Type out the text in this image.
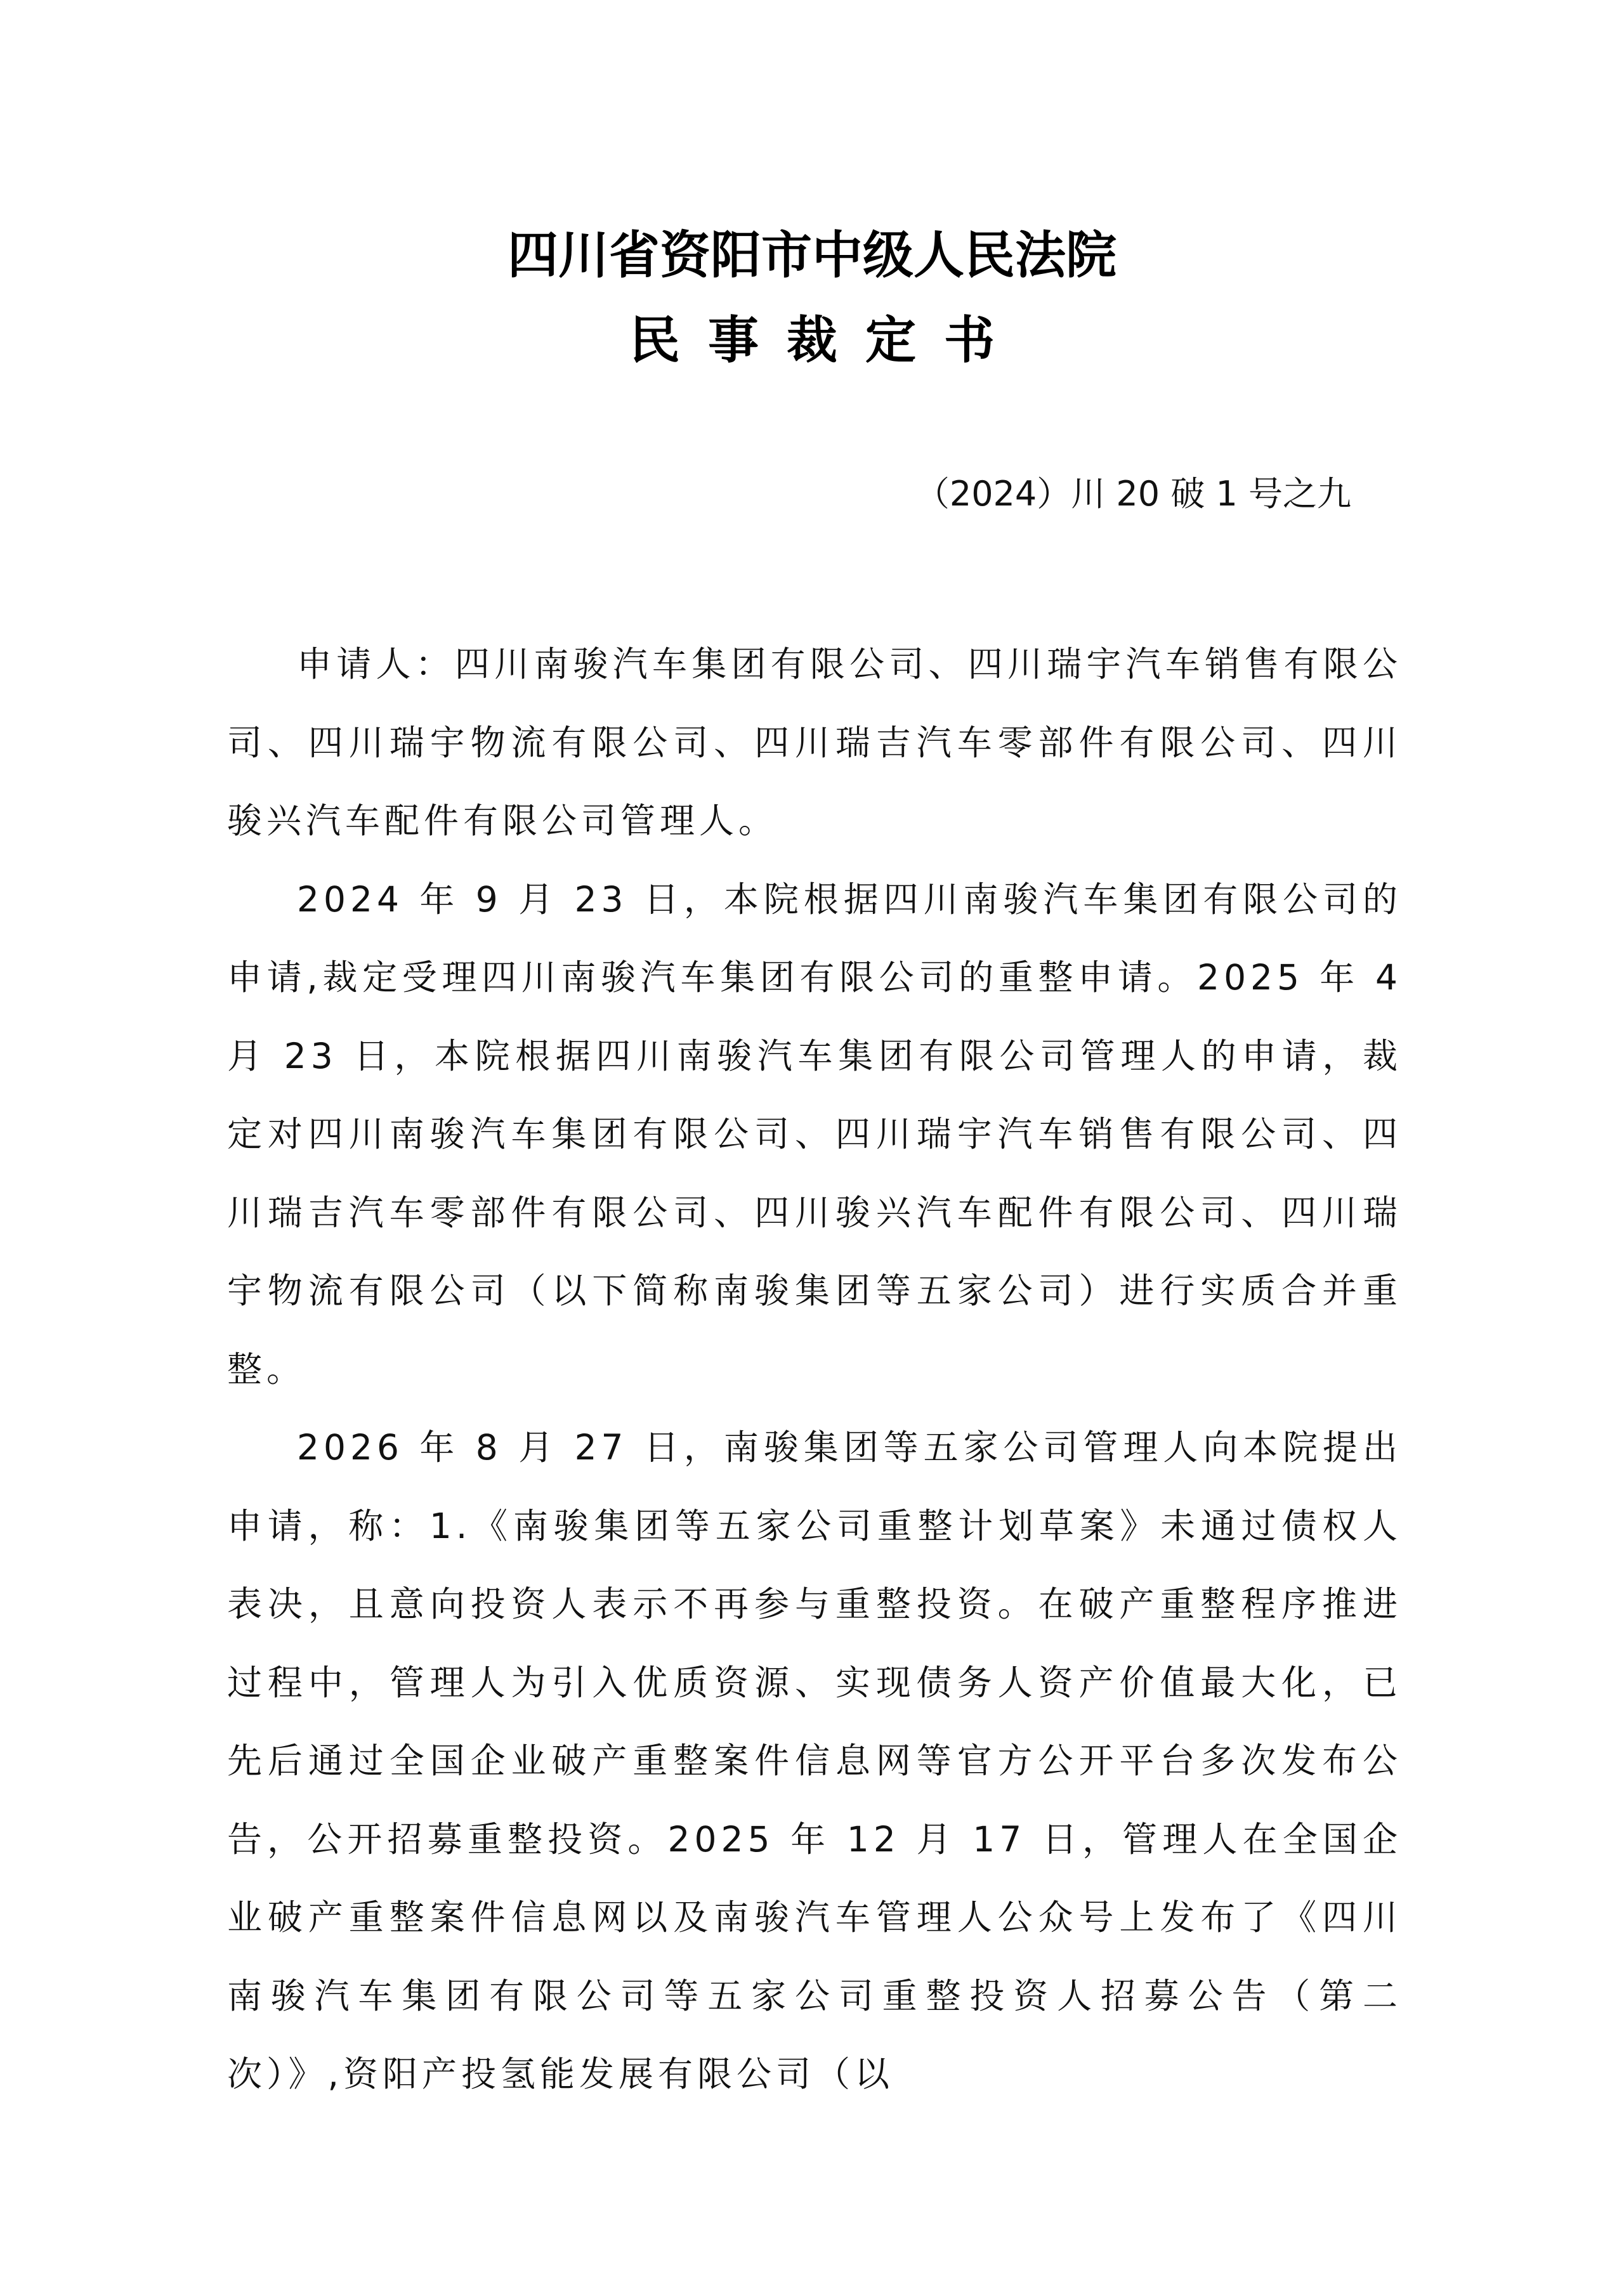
四川省资阳市中级人民法院
民事裁定书
（2024）川 20 破 1 号之九

申请人：四川南骏汽车集团有限公司、四川瑞宇汽车销售有限公司、四川瑞宇物流有限公司、四川瑞吉汽车零部件有限公司、四川骏兴汽车配件有限公司管理人。

2024 年 9 月 23 日，本院根据四川南骏汽车集团有限公司的申请,裁定受理四川南骏汽车集团有限公司的重整申请。2025 年 4 月 23 日，本院根据四川南骏汽车集团有限公司管理人的申请，裁定对四川南骏汽车集团有限公司、四川瑞宇汽车销售有限公司、四川瑞吉汽车零部件有限公司、四川骏兴汽车配件有限公司、四川瑞宇物流有限公司（以下简称南骏集团等五家公司）进行实质合并重整。

2026 年 8 月 27 日，南骏集团等五家公司管理人向本院提出申请，称：1.《南骏集团等五家公司重整计划草案》未通过债权人表决，且意向投资人表示不再参与重整投资。在破产重整程序推进过程中，管理人为引入优质资源、实现债务人资产价值最大化，已先后通过全国企业破产重整案件信息网等官方公开平台多次发布公告，公开招募重整投资。2025 年 12 月 17 日，管理人在全国企业破产重整案件信息网以及南骏汽车管理人公众号上发布了《四川南骏汽车集团有限公司等五家公司重整投资人招募公告（第二次）》,资阳产投氢能发展有限公司（以
